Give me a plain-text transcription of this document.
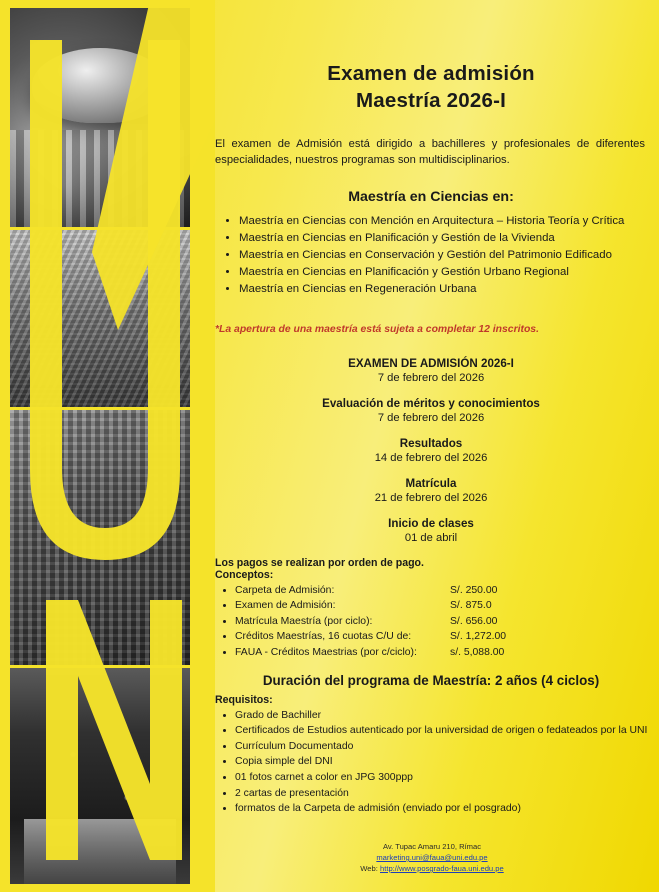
Examen de admisión
Maestría 2026-I
El examen de Admisión está dirigido a bachilleres y profesionales de diferentes especialidades, nuestros programas son multidisciplinarios.
Maestría en Ciencias en:
• Maestría en Ciencias con Mención en Arquitectura – Historia Teoría y Crítica
• Maestría en Ciencias en Planificación y Gestión de la Vivienda
• Maestría en Ciencias en Conservación y Gestión del Patrimonio Edificado
• Maestría en Ciencias en Planificación y Gestión Urbano Regional
• Maestría en Ciencias en Regeneración Urbana
*La apertura de una maestría está sujeta a completar 12 inscritos.
EXAMEN DE ADMISIÓN 2026-I
7 de febrero del 2026
Evaluación de méritos y conocimientos
7 de febrero del 2026
Resultados
14 de febrero del 2026
Matrícula
21 de febrero del 2026
Inicio de clases
01 de abril
Los pagos se realizan por orden de pago.
Conceptos:
• Carpeta de Admisión:	S/. 250.00
• Examen de Admisión:	S/. 875.0
• Matrícula Maestría (por ciclo):	S/. 656.00
• Créditos Maestrías, 16 cuotas C/U de:	S/. 1,272.00
• FAUA - Créditos Maestrias (por c/ciclo):	s/. 5,088.00
Duración del programa de Maestría: 2 años (4 ciclos)
Requisitos:
• Grado de Bachiller
• Certificados de Estudios autenticado por la universidad de origen o fedateados por la UNI
• Currículum Documentado
• Copia simple del DNI
• 01 fotos carnet a color en JPG 300ppp
• 2 cartas de presentación
• formatos de la Carpeta de admisión (enviado por el posgrado)
Av. Tupac Amaru 210, Rímac
marketing.uni@faua@uni.edu.pe
Web: http://www.posgrado-faua.uni.edu.pe
